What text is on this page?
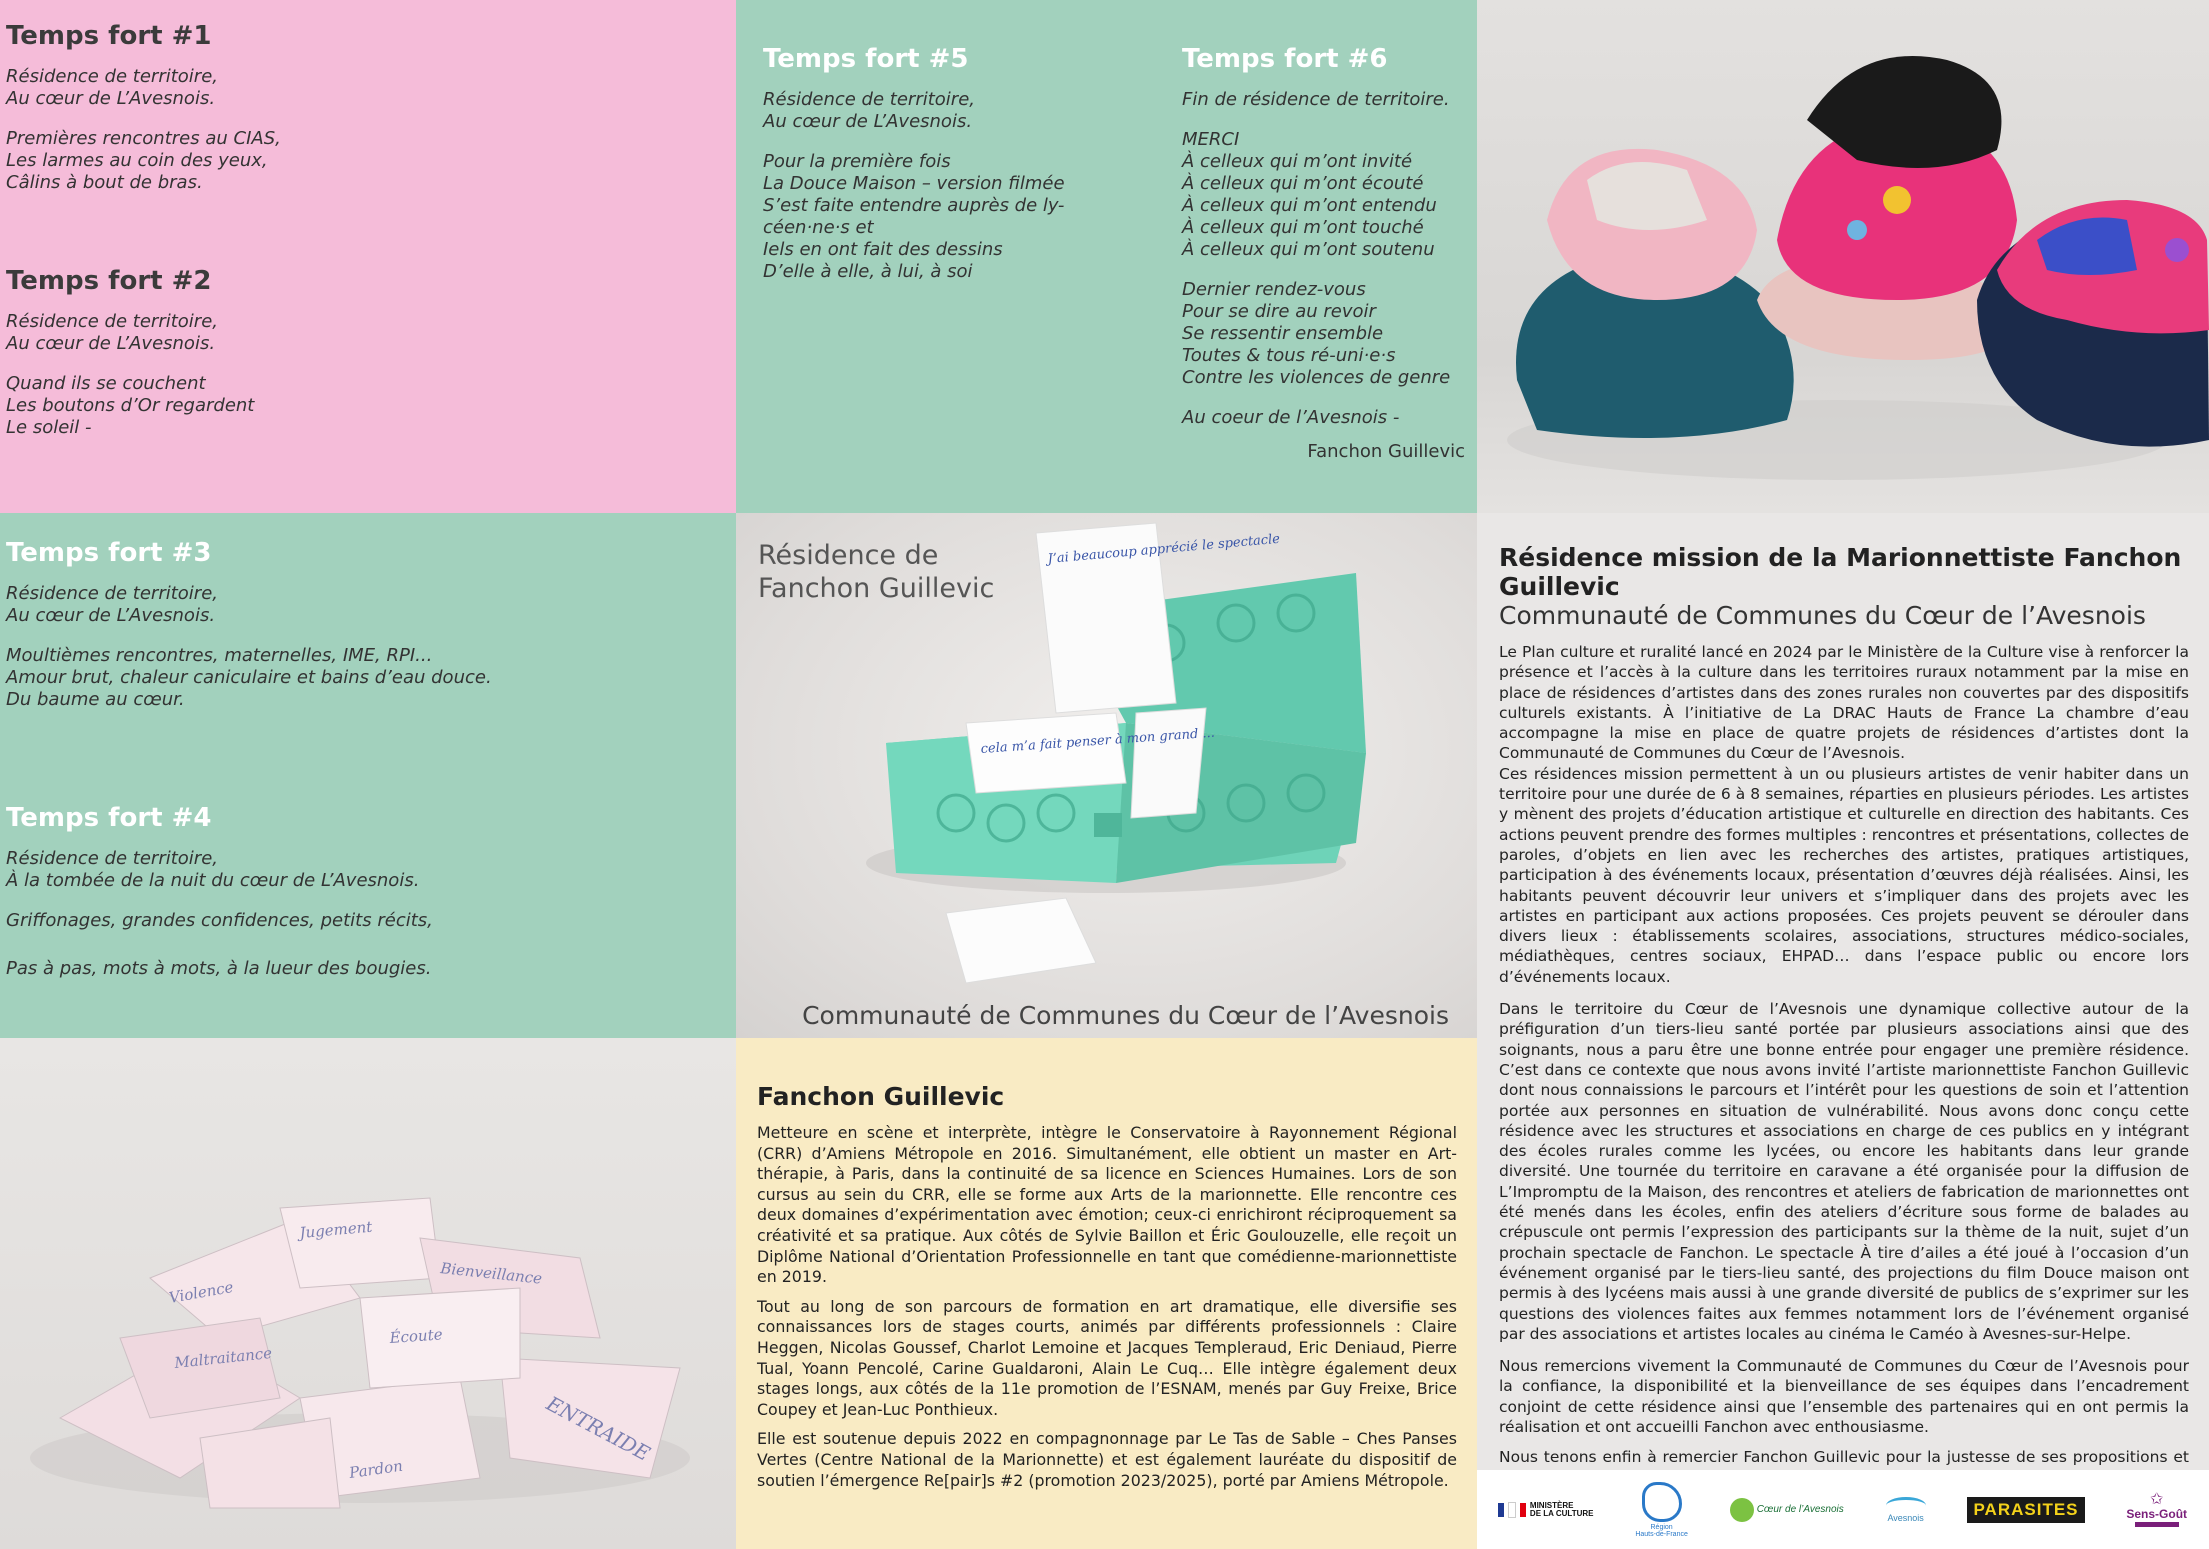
Temps fort #1

Résidence de territoire,
Au cœur de L’Avesnois.

Premières rencontres au CIAS,
Les larmes au coin des yeux,
Câlins à bout de bras.

Temps fort #2

Résidence de territoire,
Au cœur de L’Avesnois.

Quand ils se couchent
Les boutons d’Or regardent
Le soleil -

Temps fort #5

Résidence de territoire,
Au cœur de L’Avesnois.

Pour la première fois
La Douce Maison – version filmée
S’est faite entendre auprès de ly-
céen·ne·s et
Iels en ont fait des dessins
D’elle à elle, à lui, à soi

Temps fort #6

Fin de résidence de territoire.

MERCI
À celleux qui m’ont invité
À celleux qui m’ont écouté
À celleux qui m’ont entendu
À celleux qui m’ont touché
À celleux qui m’ont soutenu

Dernier rendez-vous
Pour se dire au revoir
Se ressentir ensemble
Toutes & tous ré-uni·e·s
Contre les violences de genre

Au coeur de l’Avesnois -

Fanchon Guillevic

Temps fort #3

Résidence de territoire,
Au cœur de L’Avesnois.

Moultièmes rencontres, maternelles, IME, RPI...
Amour brut, chaleur caniculaire et bains d’eau douce.
Du baume au cœur.

Temps fort #4

Résidence de territoire,
À la tombée de la nuit du cœur de L’Avesnois.

Griffonages, grandes confidences, petits récits,

Pas à pas, mots à mots, à la lueur des bougies.

J’ai beaucoup apprécié le spectacle
cela m’a fait penser à mon grand ...
Résidence de
Fanchon Guillevic
Communauté de Communes du Cœur de l’Avesnois
Résidence mission de la Marionnettiste Fanchon Guillevic
Communauté de Communes du Cœur de l’Avesnois

Le Plan culture et ruralité lancé en 2024 par le Ministère de la Culture vise à renforcer la présence et l’accès à la culture dans les territoires ruraux notamment par la mise en place de résidences d’artistes dans des zones rurales non couvertes par des dispositifs culturels existants. À l’initiative de La DRAC Hauts de France La chambre d’eau accompagne la mise en place de quatre projets de résidences d’artistes dont la Communauté de Communes du Cœur de l’Avesnois.
Ces résidences mission permettent à un ou plusieurs artistes de venir habiter dans un territoire pour une durée de 6 à 8 semaines, réparties en plusieurs périodes. Les artistes y mènent des projets d’éducation artistique et culturelle en direction des habitants. Ces actions peuvent prendre des formes multiples : rencontres et présentations, collectes de paroles, d’objets en lien avec les recherches des artistes, pratiques artistiques, participation à des événements locaux, présentation d’œuvres déjà réalisées. Ainsi, les habitants peuvent découvrir leur univers et s’impliquer dans des projets avec les artistes en participant aux actions proposées. Ces projets peuvent se dérouler dans divers lieux : établissements scolaires, associations, structures médico-sociales, médiathèques, centres sociaux, EHPAD… dans l’espace public ou encore lors d’événements locaux.

Dans le territoire du Cœur de l’Avesnois une dynamique collective autour de la préfiguration d’un tiers-lieu santé portée par plusieurs associations ainsi que des soignants, nous a paru être une bonne entrée pour engager une première résidence. C’est dans ce contexte que nous avons invité l’artiste marionnettiste Fanchon Guillevic dont nous connaissions le parcours et l’intérêt pour les questions de soin et l’attention portée aux personnes en situation de vulnérabilité. Nous avons donc conçu cette résidence avec les structures et associations en charge de ces publics en y intégrant des écoles rurales comme les lycées, ou encore les habitants dans leur grande diversité. Une tournée du territoire en caravane a été organisée pour la diffusion de L’Impromptu de la Maison, des rencontres et ateliers de fabrication de marionnettes ont été menés dans les écoles, enfin des ateliers d’écriture sous forme de balades au crépuscule ont permis l’expression des participants sur la thème de la nuit, sujet d’un prochain spectacle de Fanchon. Le spectacle À tire d’ailes a été joué à l’occasion d’un événement organisé par le tiers-lieu santé, des projections du film Douce maison ont permis à des lycéens mais aussi à une grande diversité de publics de s’exprimer sur les questions des violences faites aux femmes notamment lors de l’événement organisé par des associations et artistes locales au cinéma le Caméo à Avesnes-sur-Helpe.

Nous remercions vivement la Communauté de Communes du Cœur de l’Avesnois pour la confiance, la disponibilité et la bienveillance de ses équipes dans l’encadrement conjoint de cette résidence ainsi que l’ensemble des partenaires qui en ont permis la réalisation et ont accueilli Fanchon avec enthousiasme.

Nous tenons enfin à remercier Fanchon Guillevic pour la justesse de ses propositions et

Jugement
Bienveillance
Violence
Pardon
Maltraitance
ENTRAIDE
Écoute
Fanchon Guillevic

Metteure en scène et interprète, intègre le Conservatoire à Rayonnement Régional (CRR) d’Amiens Métropole en 2016. Simultanément, elle obtient un master en Art-thérapie, à Paris, dans la continuité de sa licence en Sciences Humaines. Lors de son cursus au sein du CRR, elle se forme aux Arts de la marionnette. Elle rencontre ces deux domaines d’expérimentation avec émotion; ceux-ci enrichiront réciproquement sa créativité et sa pratique. Aux côtés de Sylvie Baillon et Éric Goulouzelle, elle reçoit un Diplôme National d’Orientation Professionnelle en tant que comédienne-marionnettiste en 2019.

Tout au long de son parcours de formation en art dramatique, elle diversifie ses connaissances lors de stages courts, animés par différents professionnels : Claire Heggen, Nicolas Goussef, Charlot Lemoine et Jacques Templeraud, Eric Deniaud, Pierre Tual, Yoann Pencolé, Carine Gualdaroni, Alain Le Cuq… Elle intègre également deux stages longs, aux côtés de la 11e promotion de l’ESNAM, menés par Guy Freixe, Brice Coupey et Jean-Luc Ponthieux.

Elle est soutenue depuis 2022 en compagnonnage par Le Tas de Sable – Ches Panses Vertes (Centre National de la Marionnette) et est également lauréate du dispositif de soutien l’émergence Re[pair]s #2 (promotion 2023/2025), porté par Amiens Métropole.

MINISTÈRE
DE LA CULTURE
Région
Hauts-de-France
Cœur de l’Avesnois
Avesnois	PARASITES	✩
Sens-Goût
